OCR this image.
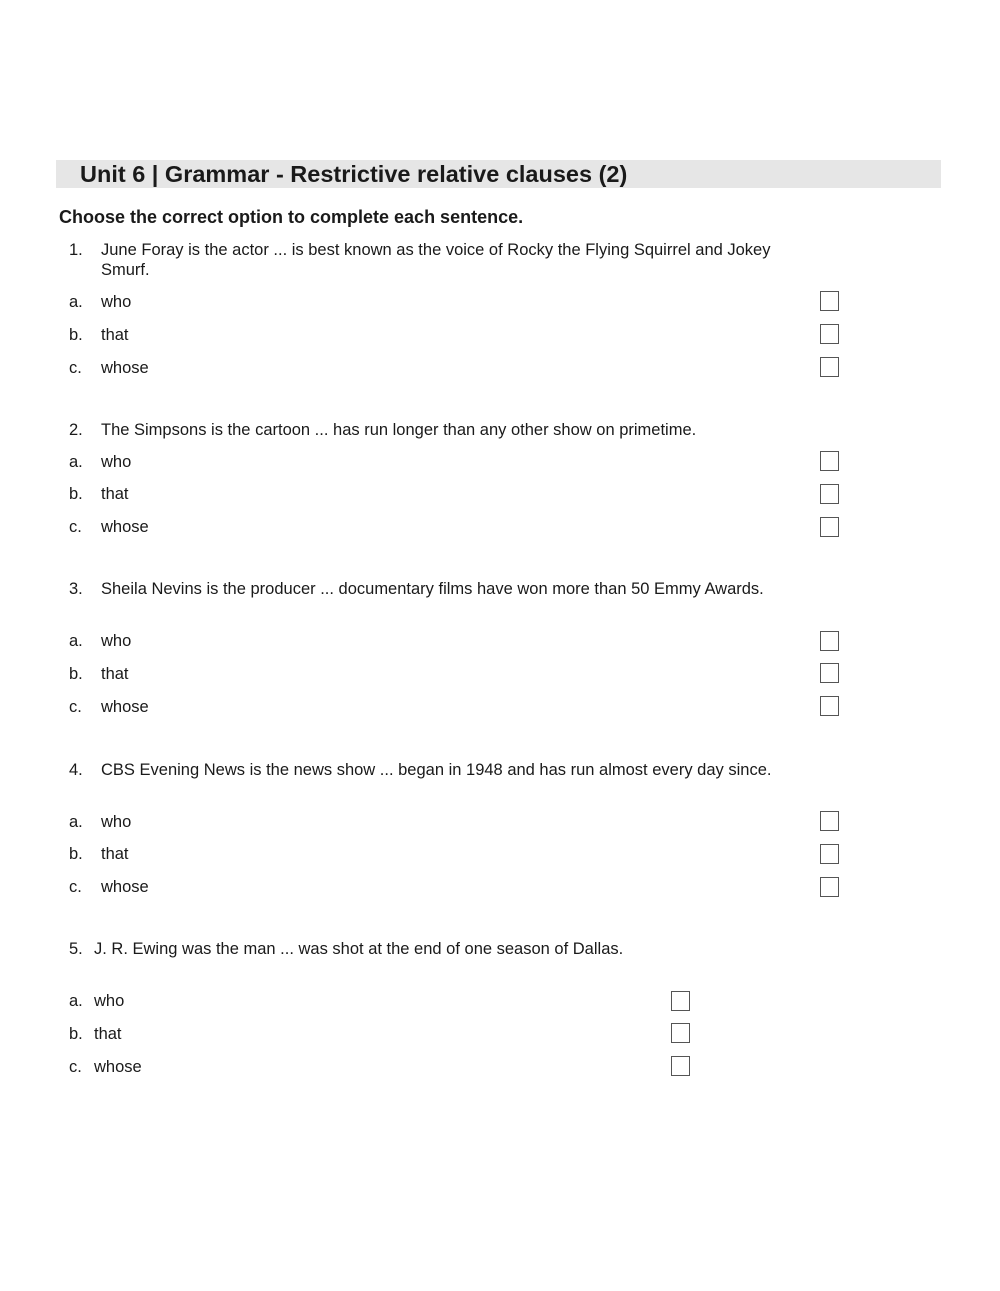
Unit 6 | Grammar - Restrictive relative clauses (2)
Choose the correct option to complete each sentence.
1. June Foray is the actor ... is best known as the voice of Rocky the Flying Squirrel and Jokey Smurf.
a. who
b. that
c. whose
2. The Simpsons is the cartoon ... has run longer than any other show on primetime.
a. who
b. that
c. whose
3. Sheila Nevins is the producer ... documentary films have won more than 50 Emmy Awards.
a. who
b. that
c. whose
4. CBS Evening News is the news show ... began in 1948 and has run almost every day since.
a. who
b. that
c. whose
5. J. R. Ewing was the man ... was shot at the end of one season of Dallas.
a. who
b. that
c. whose
